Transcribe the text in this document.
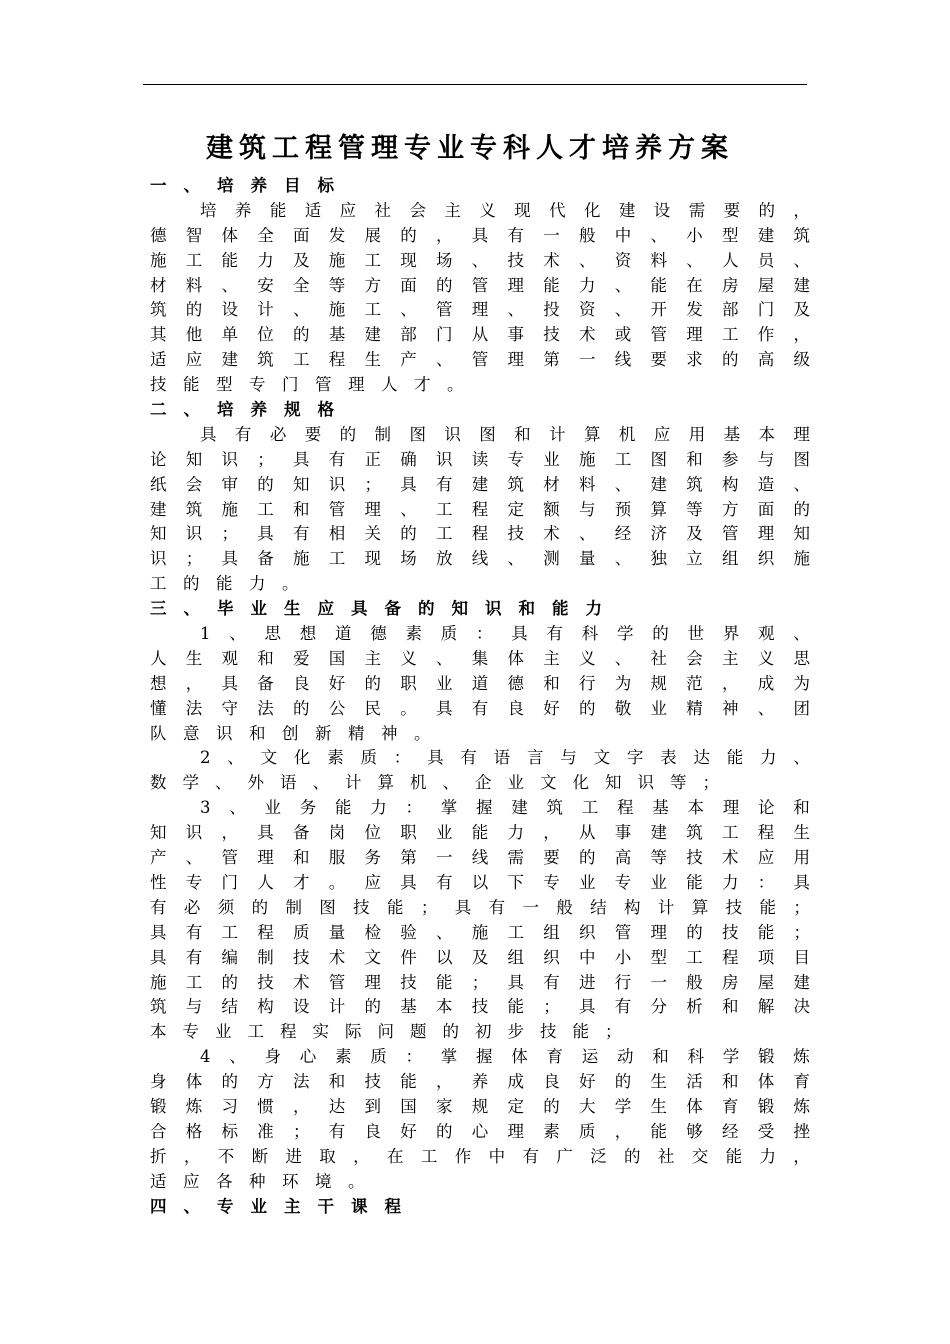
建筑工程管理专业专科人才培养方案
一 、 培 养 目 标
培 养 能 适 应 社 会 主 义 现 代 化 建 设 需 要 的 ，
德 智 体 全 面 发 展 的 ， 具 有 一 般 中 、 小 型 建 筑
施 工 能 力 及 施 工 现 场 、 技 术 、 资 料 、 人 员 、
材 料 、 安 全 等 方 面 的 管 理 能 力 、 能 在 房 屋 建
筑 的 设 计 、 施 工 、 管 理 、 投 资 、 开 发 部 门 及
其 他 单 位 的 基 建 部 门 从 事 技 术 或 管 理 工 作 ，
适 应 建 筑 工 程 生 产 、 管 理 第 一 线 要 求 的 高 级
技 能 型 专 门 管 理 人 才 。
二 、 培 养 规 格
具 有 必 要 的 制 图 识 图 和 计 算 机 应 用 基 本 理
论 知 识 ； 具 有 正 确 识 读 专 业 施 工 图 和 参 与 图
纸 会 审 的 知 识 ； 具 有 建 筑 材 料 、 建 筑 构 造 、
建 筑 施 工 和 管 理 、 工 程 定 额 与 预 算 等 方 面 的
知 识 ； 具 有 相 关 的 工 程 技 术 、 经 济 及 管 理 知
识 ； 具 备 施 工 现 场 放 线 、 测 量 、 独 立 组 织 施
工 的 能 力 。
三 、 毕 业 生 应 具 备 的 知 识 和 能 力
1 、 思 想 道 德 素 质 ： 具 有 科 学 的 世 界 观 、
人 生 观 和 爱 国 主 义 、 集 体 主 义 、 社 会 主 义 思
想 ， 具 备 良 好 的 职 业 道 德 和 行 为 规 范 ， 成 为
懂 法 守 法 的 公 民 。 具 有 良 好 的 敬 业 精 神 、 团
队 意 识 和 创 新 精 神 。
2 、 文 化 素 质 ： 具 有 语 言 与 文 字 表 达 能 力 、
数 学 、 外 语 、 计 算 机 、 企 业 文 化 知 识 等 ；
3 、 业 务 能 力 ： 掌 握 建 筑 工 程 基 本 理 论 和
知 识 ， 具 备 岗 位 职 业 能 力 ， 从 事 建 筑 工 程 生
产 、 管 理 和 服 务 第 一 线 需 要 的 高 等 技 术 应 用
性 专 门 人 才 。 应 具 有 以 下 专 业 专 业 能 力 ： 具
有 必 须 的 制 图 技 能 ； 具 有 一 般 结 构 计 算 技 能 ；
具 有 工 程 质 量 检 验 、 施 工 组 织 管 理 的 技 能 ；
具 有 编 制 技 术 文 件 以 及 组 织 中 小 型 工 程 项 目
施 工 的 技 术 管 理 技 能 ； 具 有 进 行 一 般 房 屋 建
筑 与 结 构 设 计 的 基 本 技 能 ； 具 有 分 析 和 解 决
本 专 业 工 程 实 际 问 题 的 初 步 技 能 ；
4 、 身 心 素 质 ： 掌 握 体 育 运 动 和 科 学 锻 炼
身 体 的 方 法 和 技 能 ， 养 成 良 好 的 生 活 和 体 育
锻 炼 习 惯 ， 达 到 国 家 规 定 的 大 学 生 体 育 锻 炼
合 格 标 准 ； 有 良 好 的 心 理 素 质 ， 能 够 经 受 挫
折 ， 不 断 进 取 ， 在 工 作 中 有 广 泛 的 社 交 能 力 ，
适 应 各 种 环 境 。
四 、 专 业 主 干 课 程
